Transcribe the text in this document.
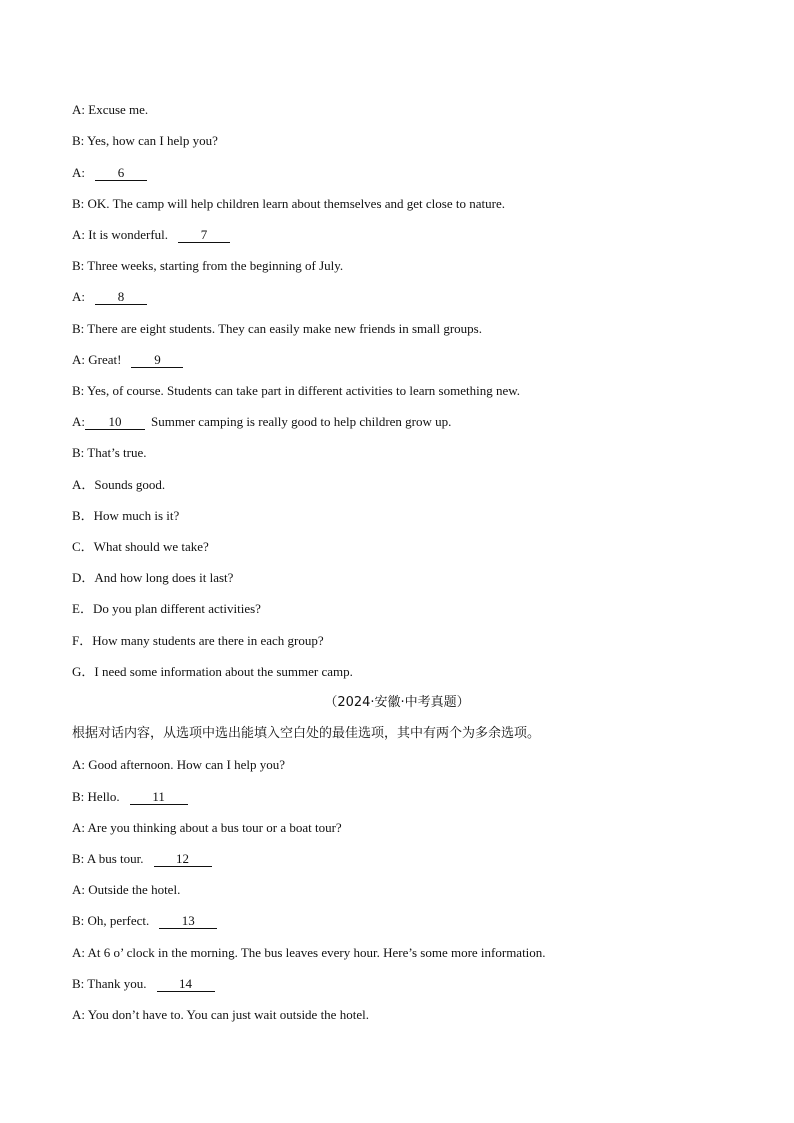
A: Excuse me.
B: Yes, how can I help you?
A:	6
B: OK. The camp will help children learn about themselves and get close to nature.
A: It is wonderful.	7
B: Three weeks, starting from the beginning of July.
A:	8
B: There are eight students. They can easily make new friends in small groups.
A: Great!	9
B: Yes, of course. Students can take part in different activities to learn something new.
A: 10 Summer camping is really good to help children grow up.
B: That’s true.
A．Sounds good.
B．How much is it?
C．What should we take?
D．And how long does it last?
E．Do you plan different activities?
F．How many students are there in each group?
G．I need some information about the summer camp.
（2024·安徽·中考真题）
根据对话内容，从选项中选出能填入空白处的最佳选项，其中有两个为多余选项。
A: Good afternoon. How can I help you?
B: Hello.	11
A: Are you thinking about a bus tour or a boat tour?
B: A bus tour.	12
A: Outside the hotel.
B: Oh, perfect.	13
A: At 6 o’ clock in the morning. The bus leaves every hour. Here’s some more information.
B: Thank you.	14
A: You don’t have to. You can just wait outside the hotel.
